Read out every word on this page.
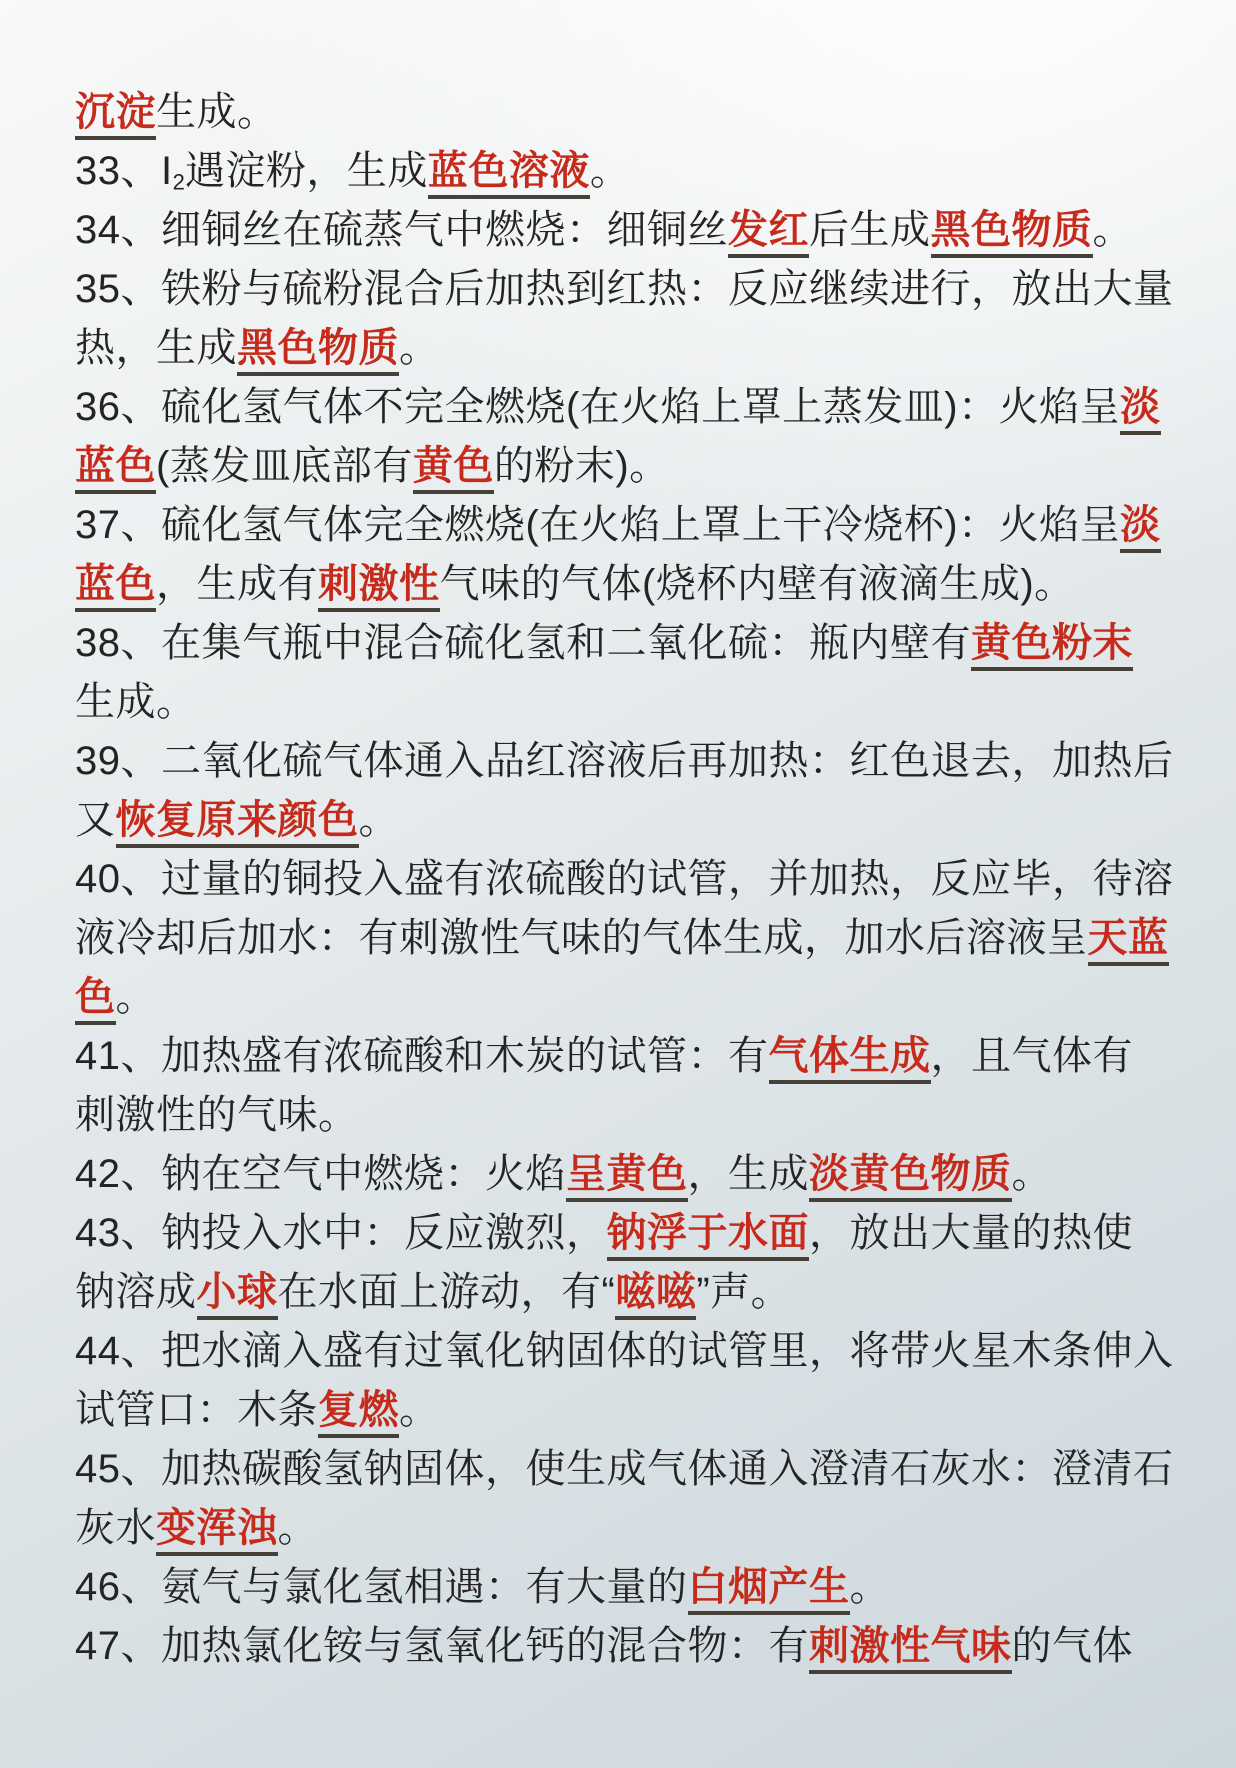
沉淀生成。
33、$I_2$遇淀粉，生成蓝色溶液。
34、细铜丝在硫蒸气中燃烧：细铜丝发红后生成黑色物质。
35、铁粉与硫粉混合后加热到红热：反应继续进行，放出大量
热，生成黑色物质。
36、硫化氢气体不完全燃烧(在火焰上罩上蒸发皿)：火焰呈淡
蓝色(蒸发皿底部有黄色的粉末)。
37、硫化氢气体完全燃烧(在火焰上罩上干冷烧杯)：火焰呈淡
蓝色，生成有刺激性气味的气体(烧杯内壁有液滴生成)。
38、在集气瓶中混合硫化氢和二氧化硫：瓶内壁有黄色粉末
生成。
39、二氧化硫气体通入品红溶液后再加热：红色退去，加热后
又恢复原来颜色。
40、过量的铜投入盛有浓硫酸的试管，并加热，反应毕，待溶
液冷却后加水：有刺激性气味的气体生成，加水后溶液呈天蓝
色。
41、加热盛有浓硫酸和木炭的试管：有气体生成，且气体有
刺激性的气味。
42、钠在空气中燃烧：火焰呈黄色，生成淡黄色物质。
43、钠投入水中：反应激烈，钠浮于水面，放出大量的热使
钠溶成小球在水面上游动，有“嗞嗞”声。
44、把水滴入盛有过氧化钠固体的试管里，将带火星木条伸入
试管口：木条复燃。
45、加热碳酸氢钠固体，使生成气体通入澄清石灰水：澄清石
灰水变浑浊。
46、氨气与氯化氢相遇：有大量的白烟产生。
47、加热氯化铵与氢氧化钙的混合物：有刺激性气味的气体
